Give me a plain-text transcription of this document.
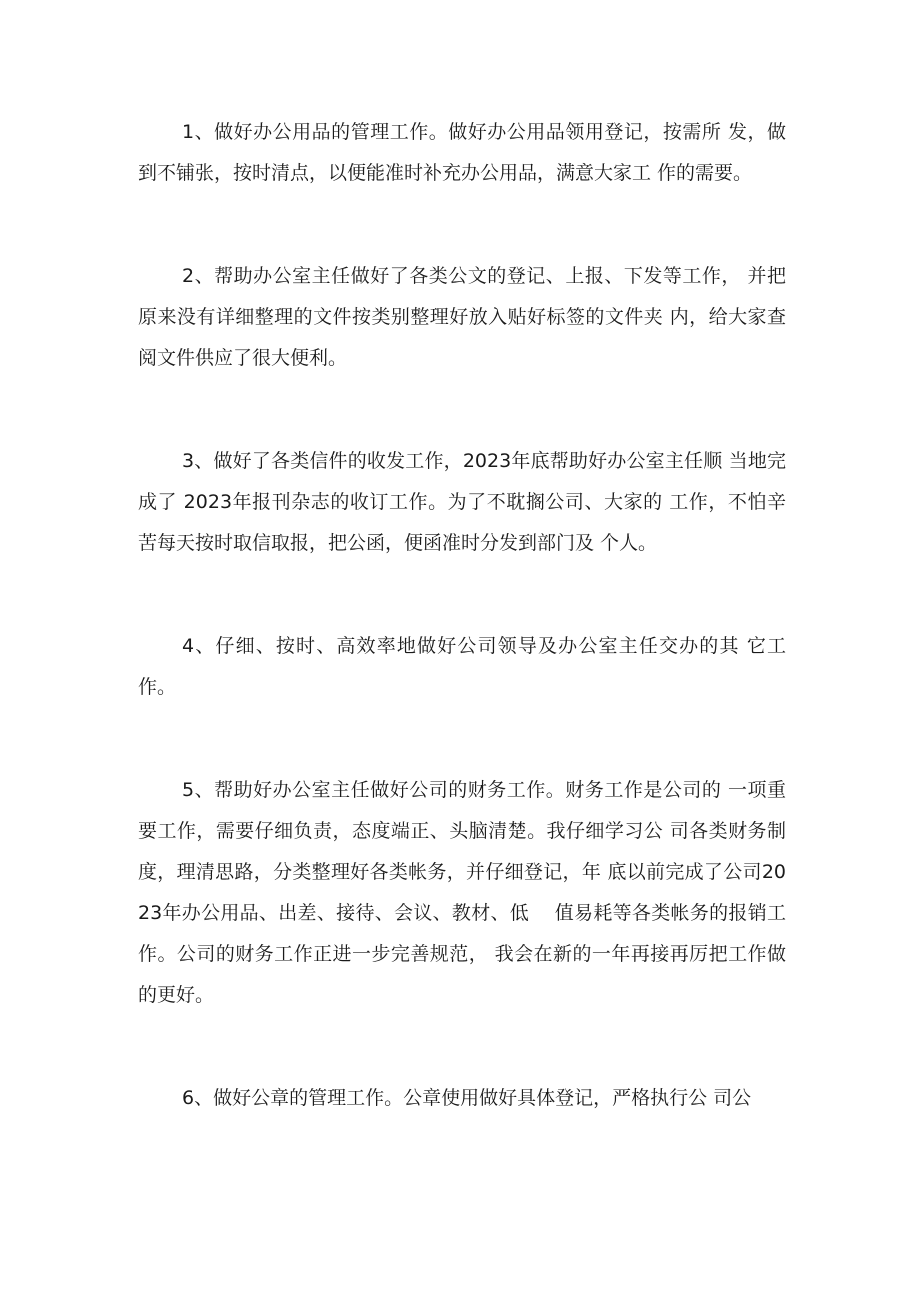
1、做好办公用品的管理工作。做好办公用品领用登记，按需所 发，做到不铺张，按时清点，以便能准时补充办公用品，满意大家工 作的需要。

2、帮助办公室主任做好了各类公文的登记、上报、下发等工作， 并把原来没有详细整理的文件按类别整理好放入贴好标签的文件夹 内，给大家查阅文件供应了很大便利。

3、做好了各类信件的收发工作，2023年底帮助好办公室主任顺 当地完成了 2023年报刊杂志的收订工作。为了不耽搁公司、大家的 工作，不怕辛苦每天按时取信取报，把公函，便函准时分发到部门及 个人。

4、仔细、按时、高效率地做好公司领导及办公室主任交办的其 它工作。

5、帮助好办公室主任做好公司的财务工作。财务工作是公司的 一项重要工作，需要仔细负责，态度端正、头脑清楚。我仔细学习公 司各类财务制度，理清思路，分类整理好各类帐务，并仔细登记，年 底以前完成了公司2023年办公用品、出差、接待、会议、教材、低　 值易耗等各类帐务的报销工作。公司的财务工作正进一步完善规范， 我会在新的一年再接再厉把工作做的更好。

6、做好公章的管理工作。公章使用做好具体登记，严格执行公 司公
